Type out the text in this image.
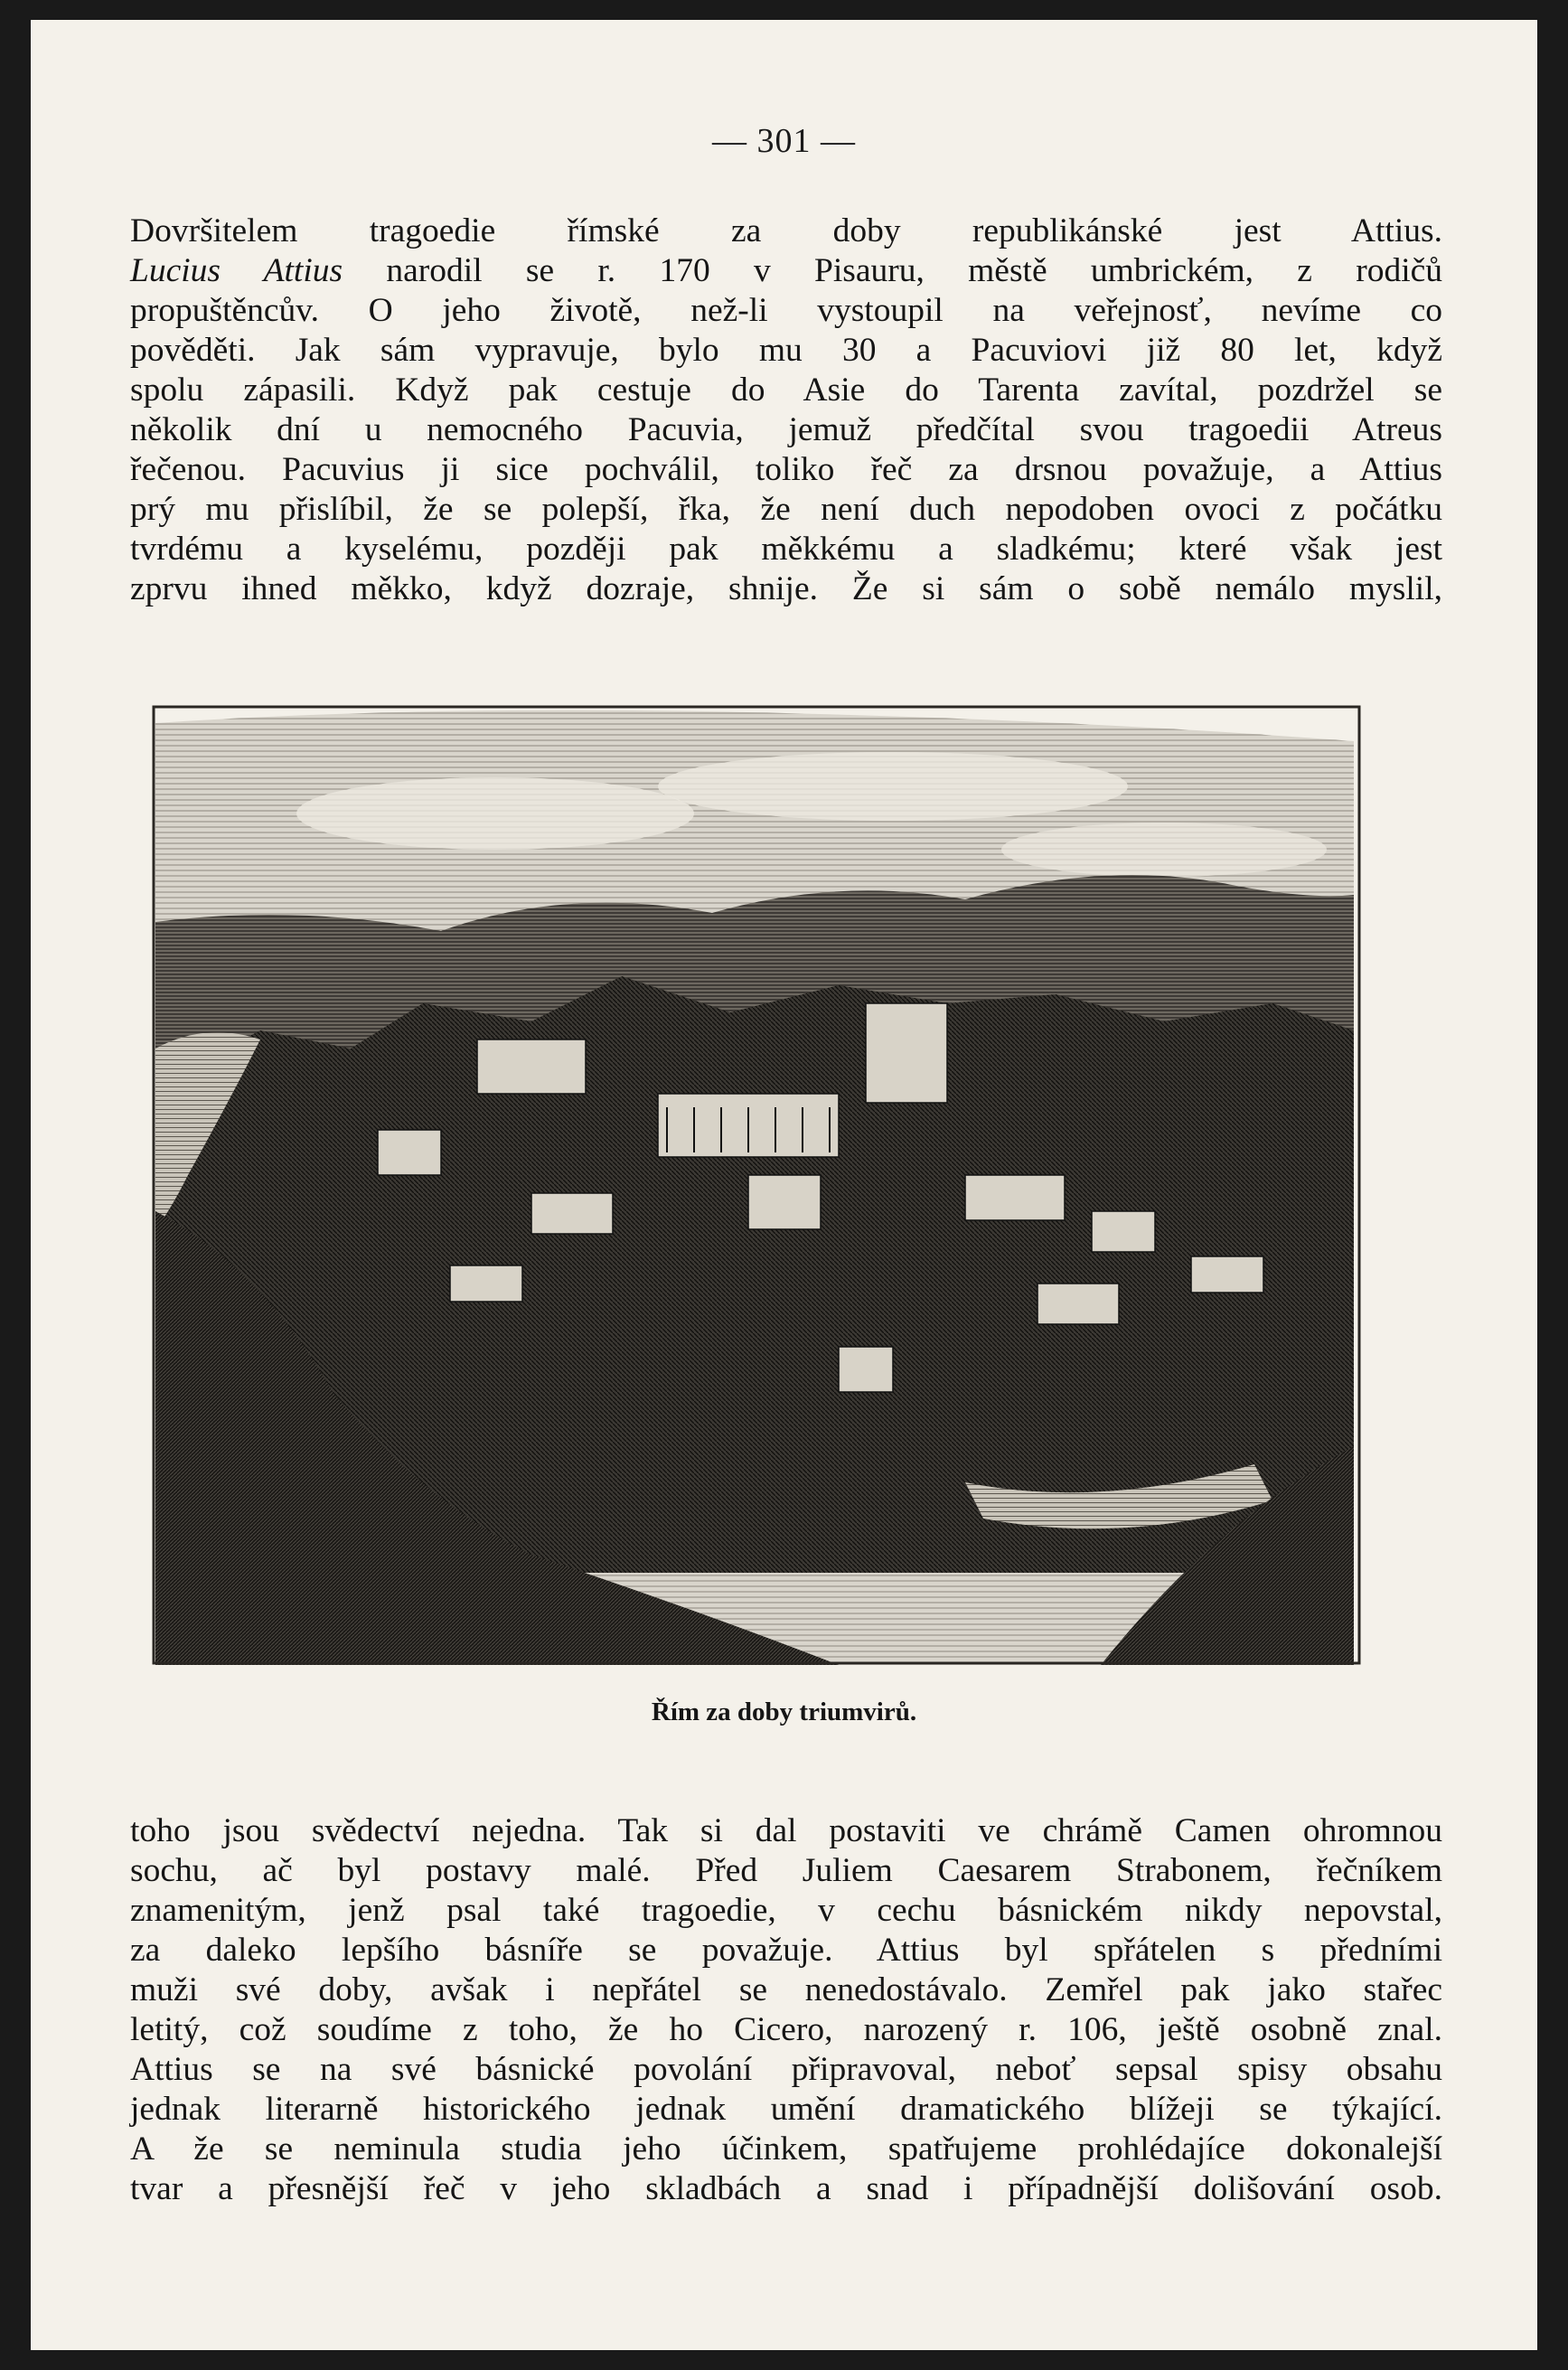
— 301 —
Dovršitelem tragoedie římské za doby republikánské jest Attius.
Lucius Attius narodil se r. 170 v Pisauru, městě umbrickém, z rodičů
propuštěncův. O jeho životě, než-li vystoupil na veřejnosť, nevíme co
pověděti. Jak sám vypravuje, bylo mu 30 a Pacuviovi již 80 let, když
spolu zápasili. Když pak cestuje do Asie do Tarenta zavítal, pozdržel se
několik dní u nemocného Pacuvia, jemuž předčítal svou tragoedii Atreus
řečenou. Pacuvius ji sice pochválil, toliko řeč za drsnou považuje, a Attius
prý mu přislíbil, že se polepší, řka, že není duch nepodoben ovoci z počátku
tvrdému a kyselému, později pak měkkému a sladkému; které však jest
zprvu ihned měkko, když dozraje, shnije. Že si sám o sobě nemálo myslil,
Řím za doby triumvirů.
toho jsou svědectví nejedna. Tak si dal postaviti ve chrámě Camen ohromnou
sochu, ač byl postavy malé. Před Juliem Caesarem Strabonem, řečníkem
znamenitým, jenž psal také tragoedie, v cechu básnickém nikdy nepovstal,
za daleko lepšího básníře se považuje. Attius byl spřátelen s předními
muži své doby, avšak i nepřátel se nenedostávalo. Zemřel pak jako stařec
letitý, což soudíme z toho, že ho Cicero, narozený r. 106, ještě osobně znal.
Attius se na své básnické povolání připravoval, neboť sepsal spisy obsahu
jednak literarně historického jednak umění dramatického blížeji se týkající.
A že se neminula studia jeho účinkem, spatřujeme prohlédajíce dokonalejší
tvar a přesnější řeč v jeho skladbách a snad i případnější dolišování osob.
